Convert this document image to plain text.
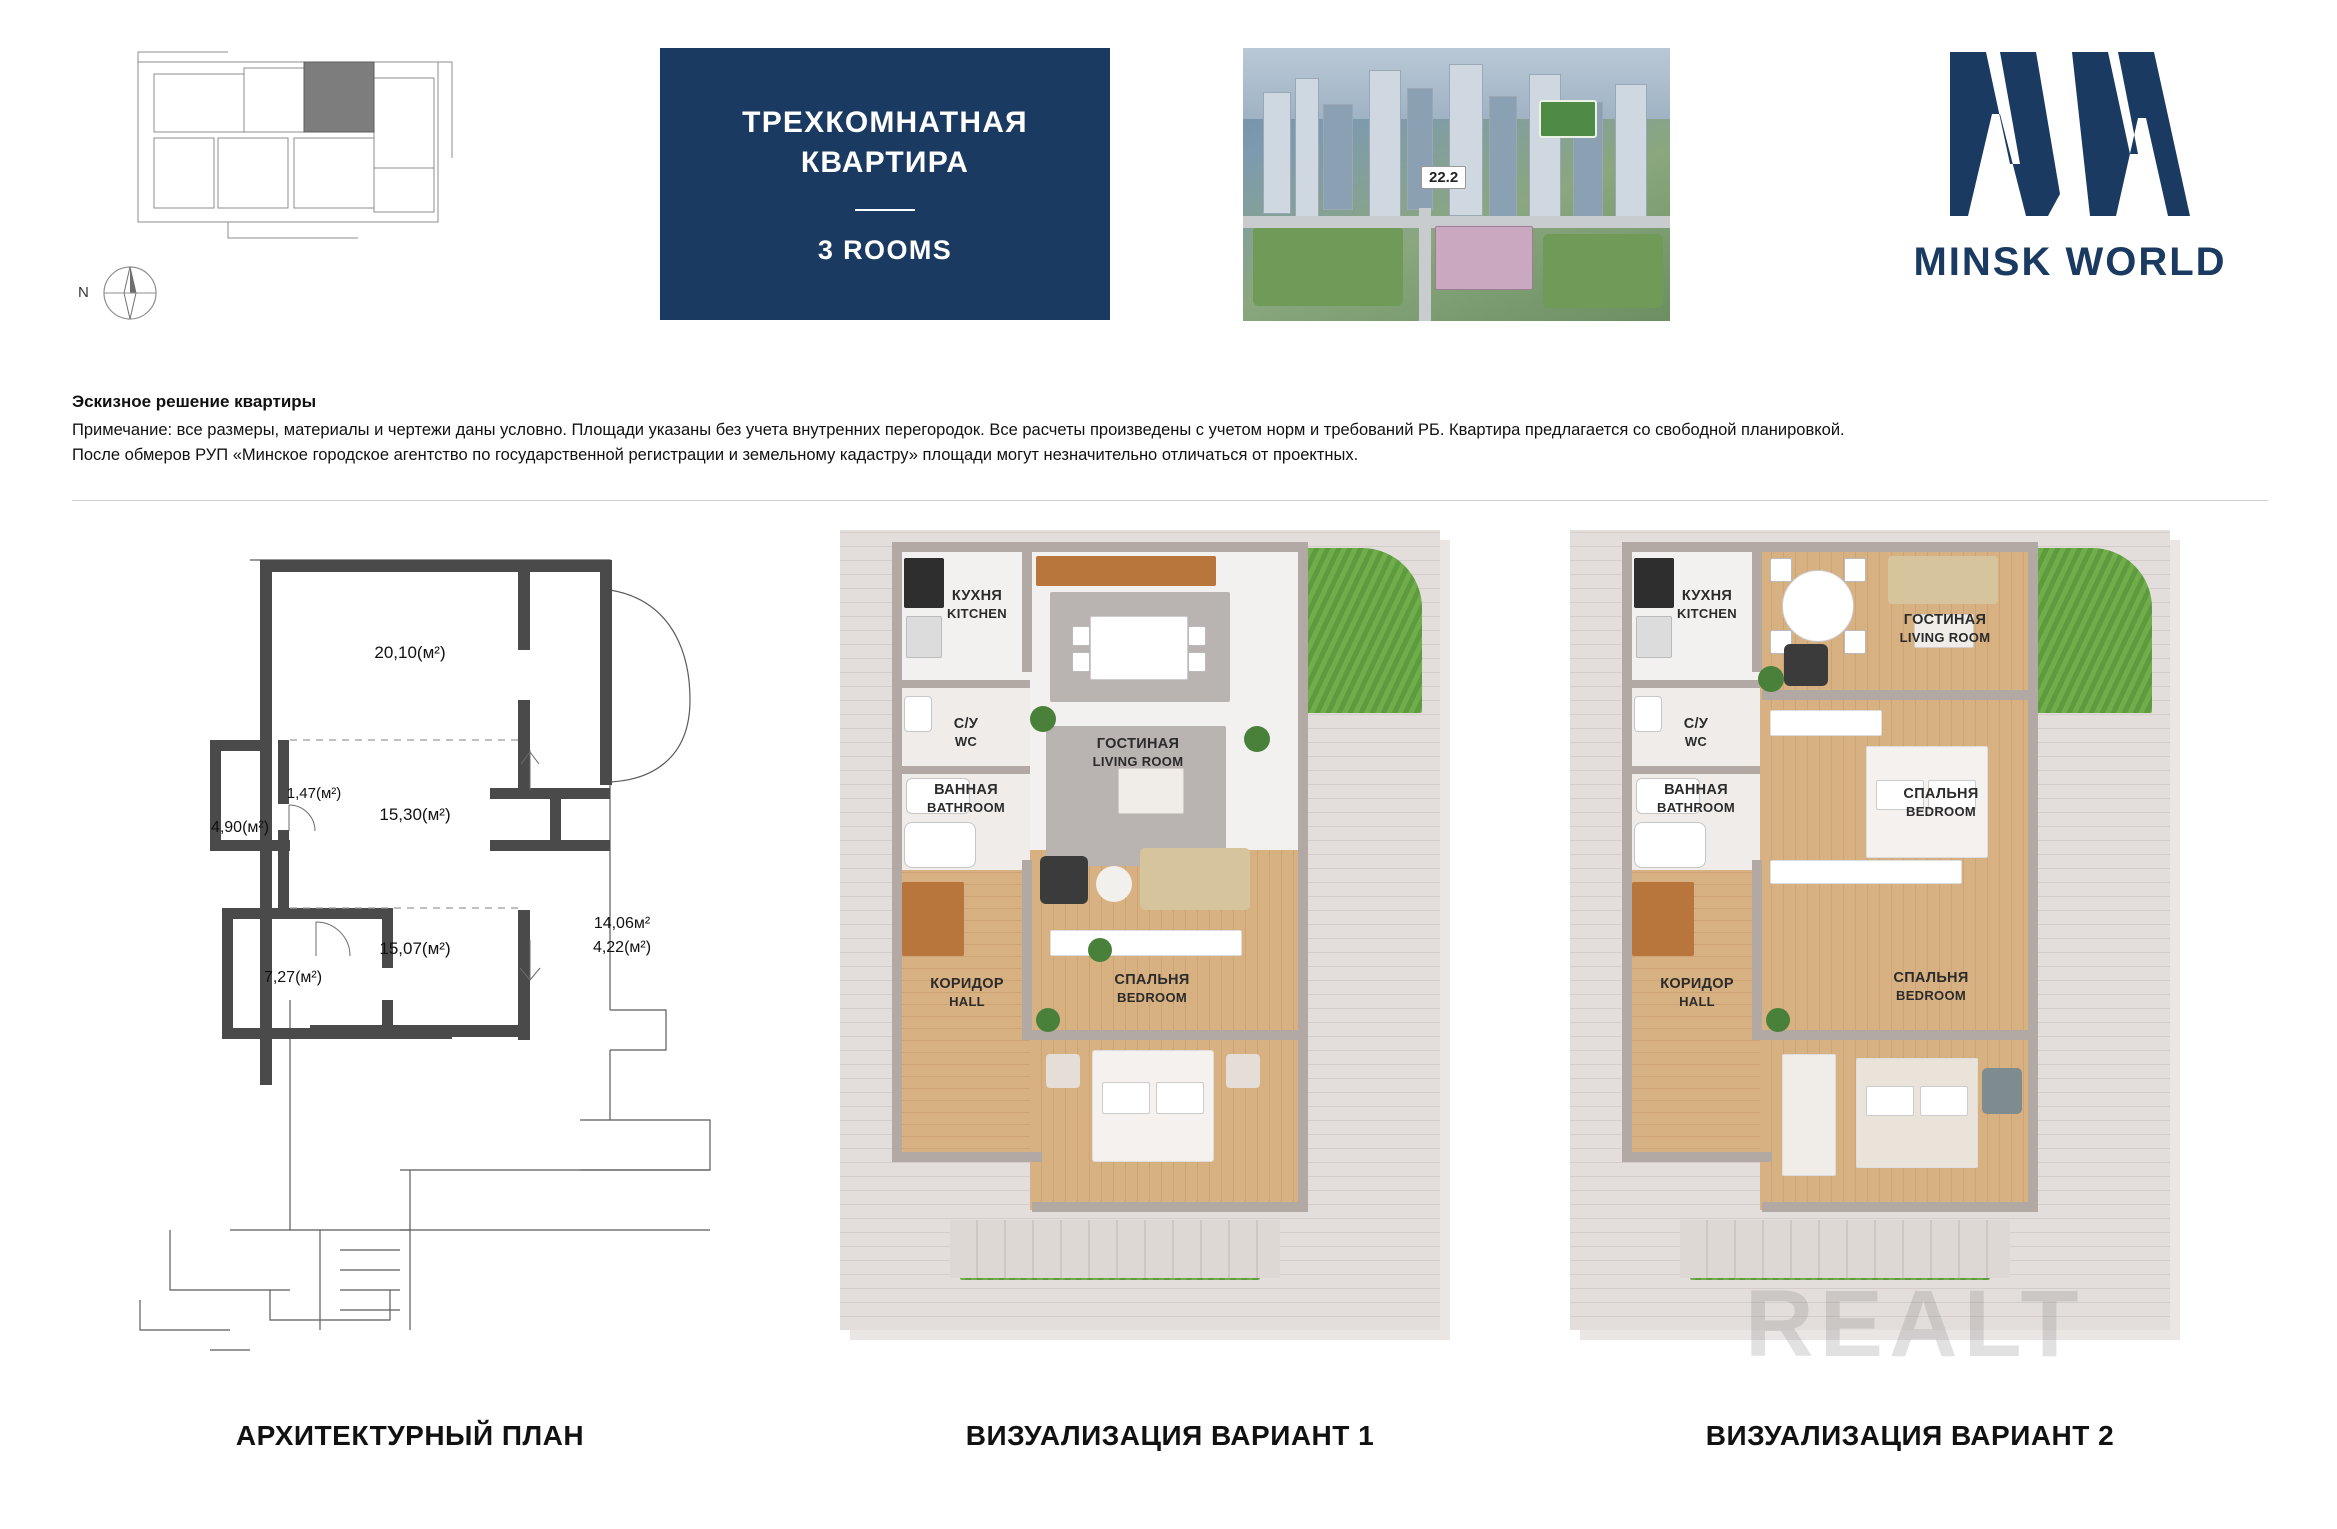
N
ТРЕХКОМНАТНАЯ КВАРТИРА
3 ROOMS
22.2
MINSK WORLD
Эскизное решение квартиры
Примечание: все размеры, материалы и чертежи даны условно. Площади указаны без учета внутренних перегородок. Все расчеты произведены с учетом норм и требований РБ. Квартира предлагается со свободной планировкой.
После обмеров РУП «Минское городское агентство по государственной регистрации и земельному кадастру» площади могут незначительно отличаться от проектных.
20,10(м²)
1,47(м²)
4,90(м²)
15,30(м²)
7,27(м²)
15,07(м²)
14,06м²
4,22(м²)
КУХНЯ
KITCHEN
С/У
WC
ВАННАЯ
BATHROOM
ГОСТИНАЯ
LIVING ROOM
КОРИДОР
HALL
СПАЛЬНЯ
BEDROOM
КУХНЯ
KITCHEN	ГОСТИНАЯ
LIVING ROOM
С/У
WC
ВАННАЯ
BATHROOM
СПАЛЬНЯ
BEDROOM
КОРИДОР
HALL
СПАЛЬНЯ
BEDROOM
АРХИТЕКТУРНЫЙ ПЛАН	ВИЗУАЛИЗАЦИЯ ВАРИАНТ 1	ВИЗУАЛИЗАЦИЯ ВАРИАНТ 2
REALT
